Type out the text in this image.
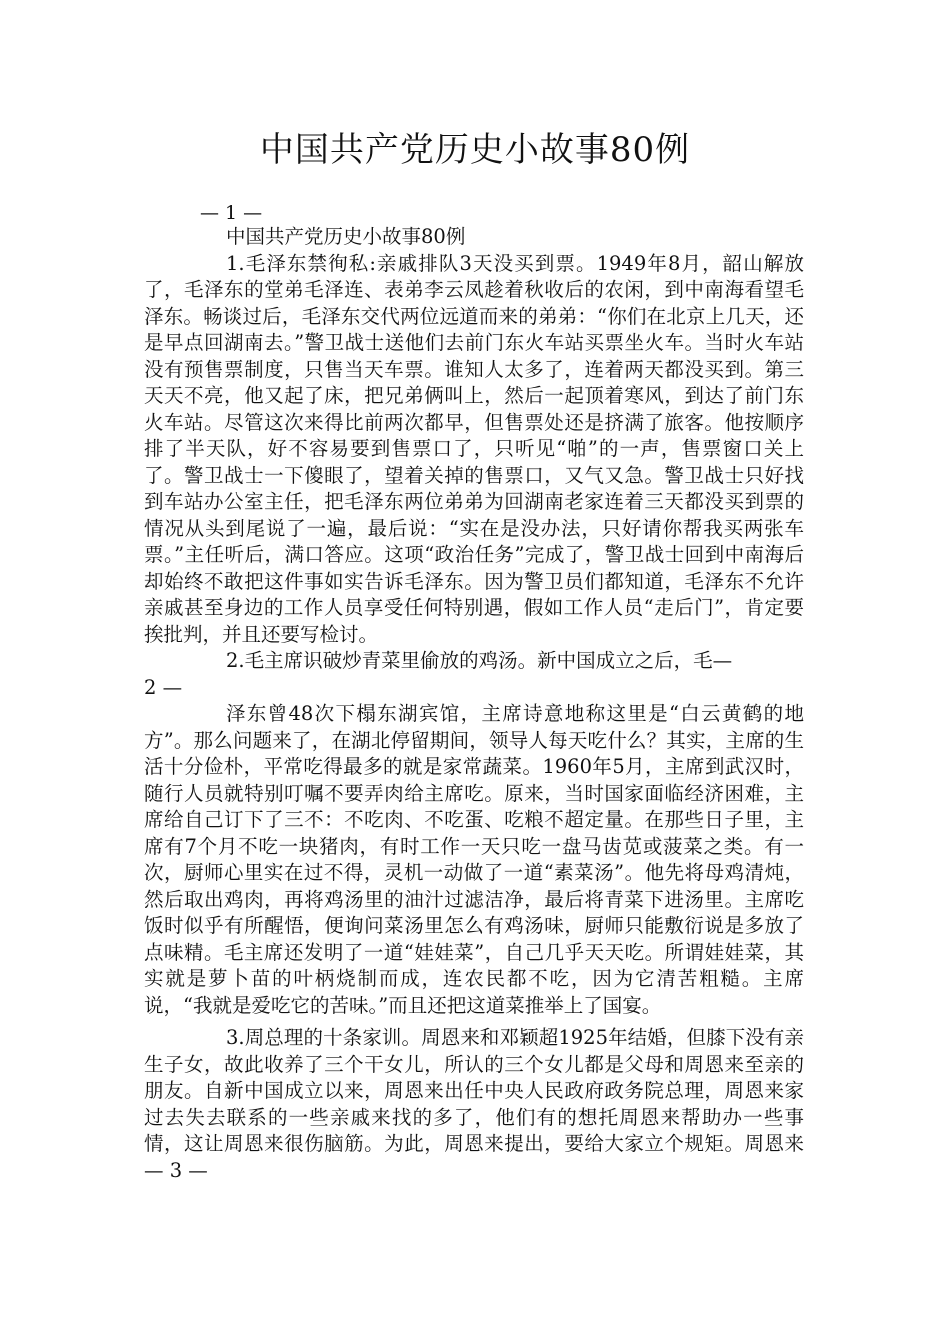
中国共产党历史小故事80例

— 1 —

中国共产党历史小故事80例

1.毛泽东禁徇私:亲戚排队3天没买到票。1949年8月，韶山解放了，毛泽东的堂弟毛泽连、表弟李云凤趁着秋收后的农闲，到中南海看望毛泽东。畅谈过后，毛泽东交代两位远道而来的弟弟：“你们在北京上几天，还是早点回湖南去。”警卫战士送他们去前门东火车站买票坐火车。当时火车站没有预售票制度，只售当天车票。谁知人太多了，连着两天都没买到。第三天天不亮，他又起了床，把兄弟俩叫上，然后一起顶着寒风，到达了前门东火车站。尽管这次来得比前两次都早，但售票处还是挤满了旅客。他按顺序排了半天队，好不容易要到售票口了，只听见“啪”的一声，售票窗口关上了。警卫战士一下傻眼了，望着关掉的售票口，又气又急。警卫战士只好找到车站办公室主任，把毛泽东两位弟弟为回湖南老家连着三天都没买到票的情况从头到尾说了一遍，最后说：“实在是没办法，只好请你帮我买两张车票。”主任听后，满口答应。这项“政治任务”完成了，警卫战士回到中南海后却始终不敢把这件事如实告诉毛泽东。因为警卫员们都知道，毛泽东不允许亲戚甚至身边的工作人员享受任何特别遇，假如工作人员“走后门”，肯定要挨批判，并且还要写检讨。

2.毛主席识破炒青菜里偷放的鸡汤。新中国成立之后，毛—

2 —

泽东曾48次下榻东湖宾馆，主席诗意地称这里是“白云黄鹤的地方”。那么问题来了，在湖北停留期间，领导人每天吃什么？其实，主席的生活十分俭朴，平常吃得最多的就是家常蔬菜。1960年5月，主席到武汉时，随行人员就特别叮嘱不要弄肉给主席吃。原来，当时国家面临经济困难，主席给自己订下了三不：不吃肉、不吃蛋、吃粮不超定量。在那些日子里，主席有7个月不吃一块猪肉，有时工作一天只吃一盘马齿苋或菠菜之类。有一次，厨师心里实在过不得，灵机一动做了一道“素菜汤”。他先将母鸡清炖，然后取出鸡肉，再将鸡汤里的油汁过滤洁净，最后将青菜下进汤里。主席吃饭时似乎有所醒悟，便询问菜汤里怎么有鸡汤味，厨师只能敷衍说是多放了点味精。毛主席还发明了一道“娃娃菜”，自己几乎天天吃。所谓娃娃菜，其实就是萝卜苗的叶柄烧制而成，连农民都不吃，因为它清苦粗糙。主席说，“我就是爱吃它的苦味。”而且还把这道菜推举上了国宴。

3.周总理的十条家训。周恩来和邓颖超1925年结婚，但膝下没有亲生子女，故此收养了三个干女儿，所认的三个女儿都是父母和周恩来至亲的朋友。自新中国成立以来，周恩来出任中央人民政府政务院总理，周恩来家过去失去联系的一些亲戚来找的多了，他们有的想托周恩来帮助办一些事情，这让周恩来很伤脑筋。为此，周恩来提出，要给大家立个规矩。周恩来— 3 —
